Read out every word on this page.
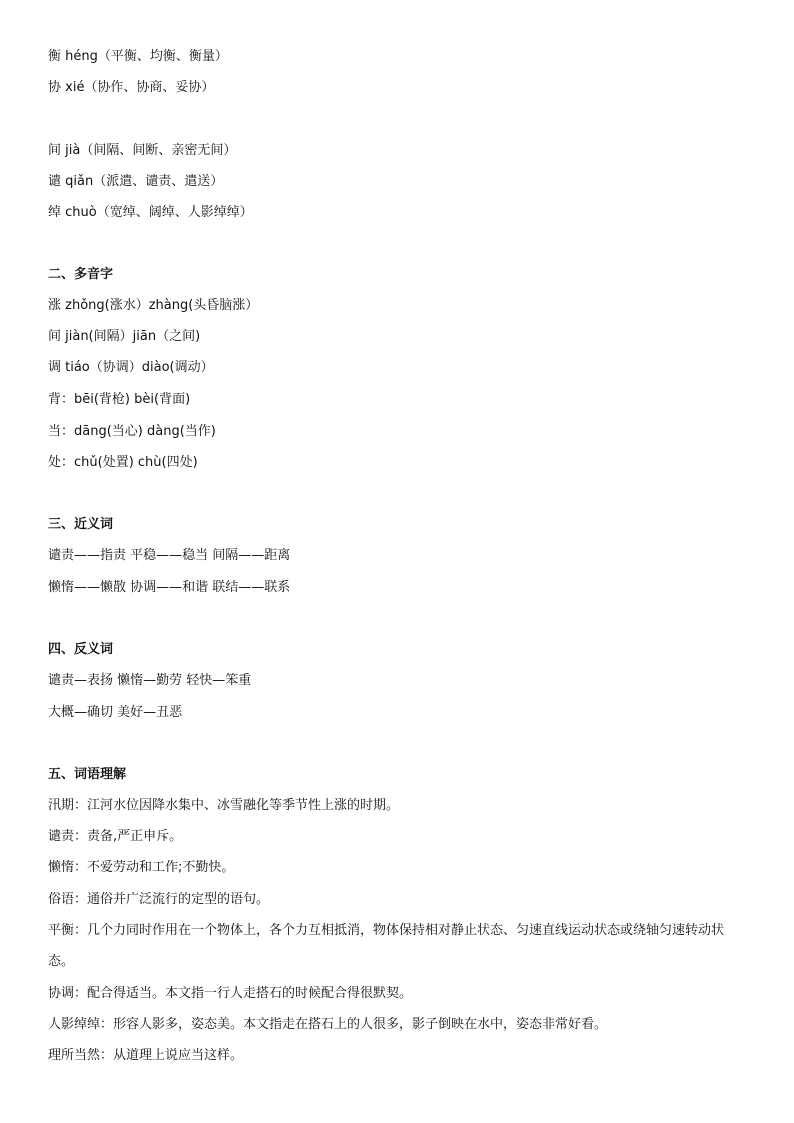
衡 héng（平衡、均衡、衡量）
协 xié（协作、协商、妥协）
间 jià（间隔、间断、亲密无间）
谴 qiǎn（派遣、谴责、遣送）
绰 chuò（宽绰、阔绰、人影绰绰）
二、多音字
涨 zhǒng(涨水）zhàng(头昏脑涨）
间 jiàn(间隔）jiān（之间)
调 tiáo（协调）diào(调动）
背：bēi(背枪) bèi(背面)
当：dāng(当心) dàng(当作)
处：chǔ(处置) chù(四处)
三、近义词
谴责——指责 平稳——稳当 间隔——距离
懒惰——懒散 协调——和谐 联结——联系
四、反义词
谴责—表扬 懒惰—勤劳 轻快—笨重
大概—确切 美好—丑恶
五、词语理解
汛期：江河水位因降水集中、冰雪融化等季节性上涨的时期。
谴责：责备,严正申斥。
懒惰：不爱劳动和工作;不勤快。
俗语：通俗并广泛流行的定型的语句。
平衡：几个力同时作用在一个物体上，各个力互相抵消，物体保持相对静止状态、匀速直线运动状态或绕轴匀速转动状态。
协调：配合得适当。本文指一行人走搭石的时候配合得很默契。
人影绰绰：形容人影多，姿态美。本文指走在搭石上的人很多，影子倒映在水中，姿态非常好看。
理所当然：从道理上说应当这样。
